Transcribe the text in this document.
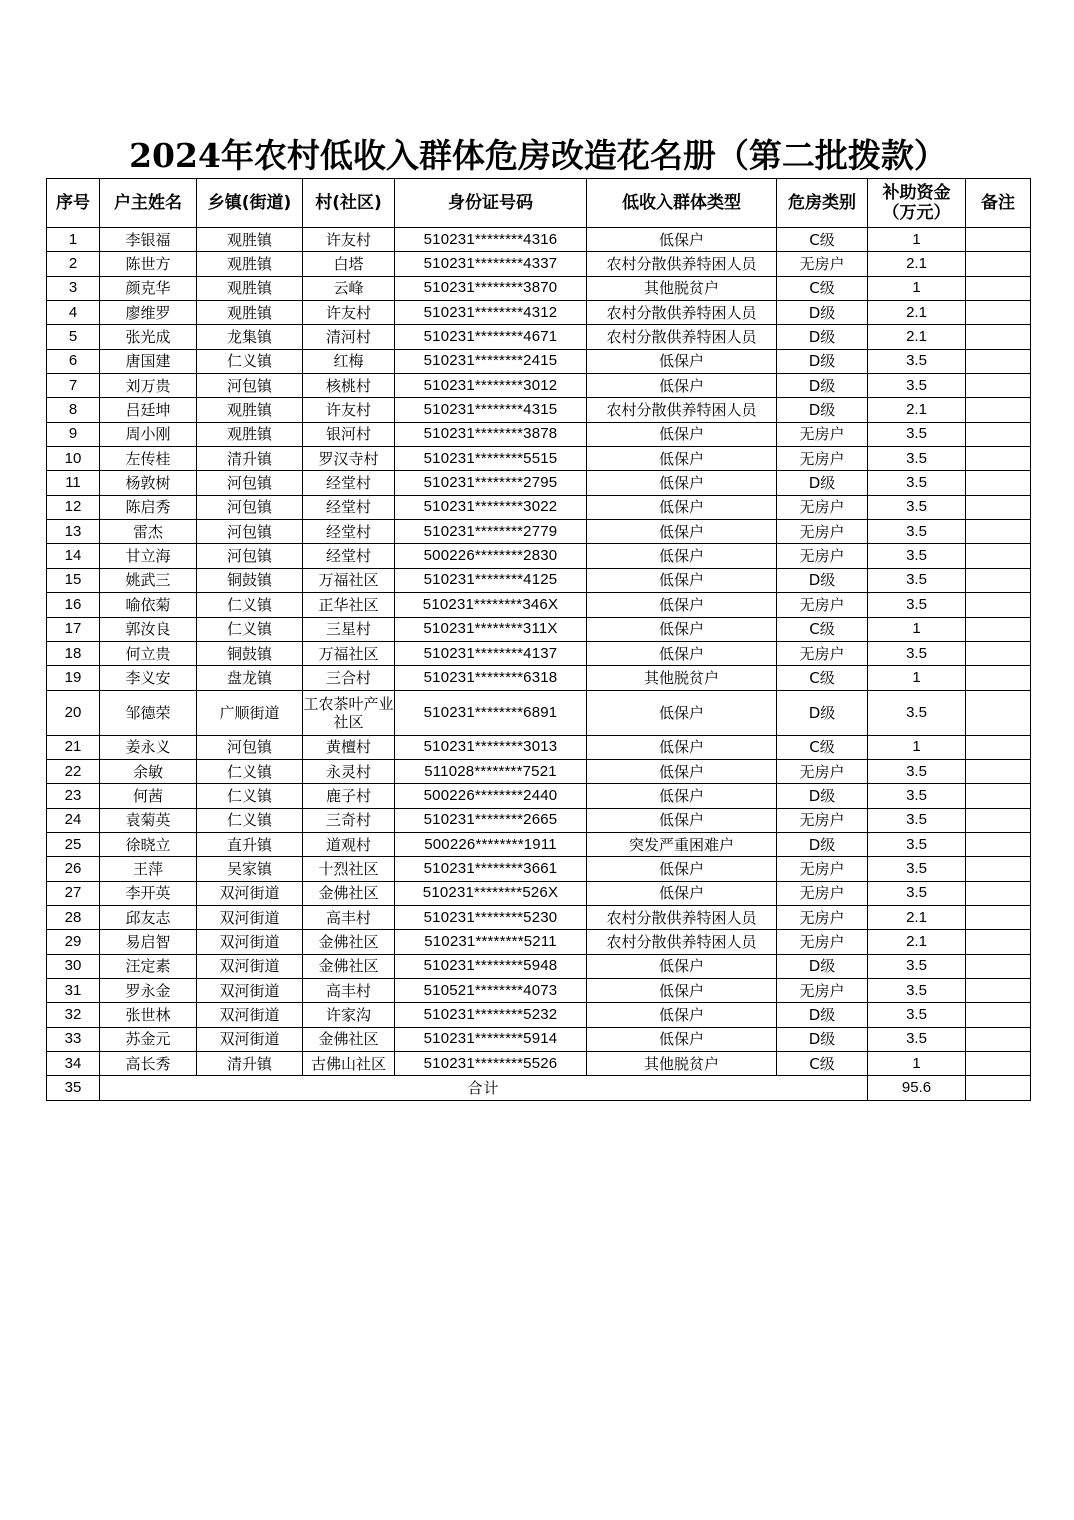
2024年农村低收入群体危房改造花名册（第二批拨款）
序号	户主姓名	乡镇(街道)	村(社区)	身份证号码	低收入群体类型	危房类别	补助资金（万元）	备注
1	李银福	观胜镇	许友村	510231********4316	低保户	C级	1	
2	陈世方	观胜镇	白塔	510231********4337	农村分散供养特困人员	无房户	2.1	
3	颜克华	观胜镇	云峰	510231********3870	其他脱贫户	C级	1	
4	廖维罗	观胜镇	许友村	510231********4312	农村分散供养特困人员	D级	2.1	
5	张光成	龙集镇	清河村	510231********4671	农村分散供养特困人员	D级	2.1	
6	唐国建	仁义镇	红梅	510231********2415	低保户	D级	3.5	
7	刘万贵	河包镇	核桃村	510231********3012	低保户	D级	3.5	
8	吕廷坤	观胜镇	许友村	510231********4315	农村分散供养特困人员	D级	2.1	
9	周小刚	观胜镇	银河村	510231********3878	低保户	无房户	3.5	
10	左传桂	清升镇	罗汉寺村	510231********5515	低保户	无房户	3.5	
11	杨敦树	河包镇	经堂村	510231********2795	低保户	D级	3.5	
12	陈启秀	河包镇	经堂村	510231********3022	低保户	无房户	3.5	
13	雷杰	河包镇	经堂村	510231********2779	低保户	无房户	3.5	
14	甘立海	河包镇	经堂村	500226********2830	低保户	无房户	3.5	
15	姚武三	铜鼓镇	万福社区	510231********4125	低保户	D级	3.5	
16	喻依菊	仁义镇	正华社区	510231********346X	低保户	无房户	3.5	
17	郭汝良	仁义镇	三星村	510231********311X	低保户	C级	1	
18	何立贵	铜鼓镇	万福社区	510231********4137	低保户	无房户	3.5	
19	李义安	盘龙镇	三合村	510231********6318	其他脱贫户	C级	1	
20	邹德荣	广顺街道	工农茶叶产业社区	510231********6891	低保户	D级	3.5	
21	姜永义	河包镇	黄檀村	510231********3013	低保户	C级	1	
22	余敏	仁义镇	永灵村	511028********7521	低保户	无房户	3.5	
23	何茜	仁义镇	鹿子村	500226********2440	低保户	D级	3.5	
24	袁菊英	仁义镇	三奇村	510231********2665	低保户	无房户	3.5	
25	徐晓立	直升镇	道观村	500226********1911	突发严重困难户	D级	3.5	
26	王萍	吴家镇	十烈社区	510231********3661	低保户	无房户	3.5	
27	李开英	双河街道	金佛社区	510231********526X	低保户	无房户	3.5	
28	邱友志	双河街道	高丰村	510231********5230	农村分散供养特困人员	无房户	2.1	
29	易启智	双河街道	金佛社区	510231********5211	农村分散供养特困人员	无房户	2.1	
30	汪定素	双河街道	金佛社区	510231********5948	低保户	D级	3.5	
31	罗永金	双河街道	高丰村	510521********4073	低保户	无房户	3.5	
32	张世林	双河街道	许家沟	510231********5232	低保户	D级	3.5	
33	苏金元	双河街道	金佛社区	510231********5914	低保户	D级	3.5	
34	高长秀	清升镇	古佛山社区	510231********5526	其他脱贫户	C级	1	
35	合计						95.6	
